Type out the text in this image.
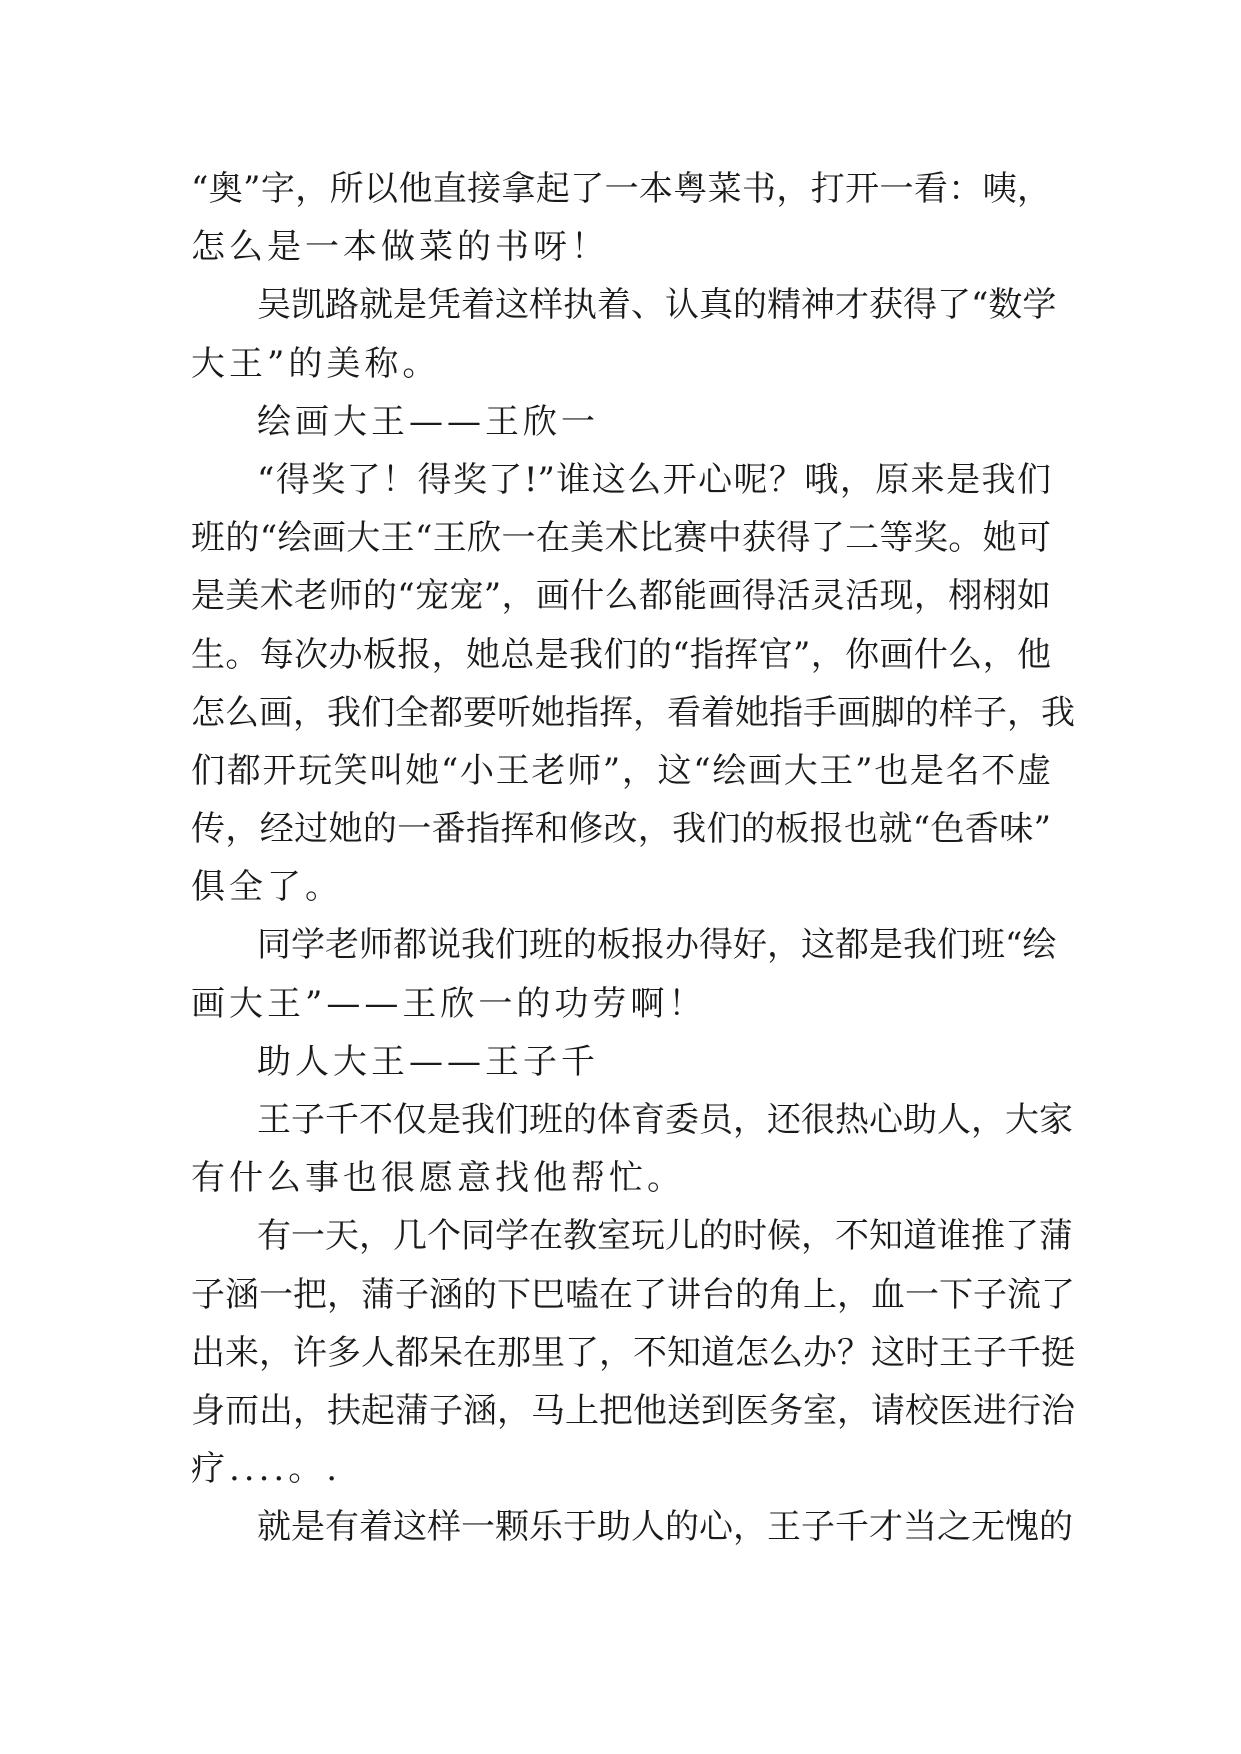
“奥”字，所以他直接拿起了一本粤菜书，打开一看：咦，
怎么是一本做菜的书呀！
吴凯路就是凭着这样执着、认真的精神才获得了“数学
大王”的美称。
绘画大王——王欣一
“得奖了！得奖了!”谁这么开心呢？哦，原来是我们
班的“绘画大王“王欣一在美术比赛中获得了二等奖。她可
是美术老师的“宠宠”，画什么都能画得活灵活现，栩栩如
生。每次办板报，她总是我们的“指挥官”，你画什么，他
怎么画，我们全都要听她指挥，看着她指手画脚的样子，我
们都开玩笑叫她“小王老师”，这“绘画大王”也是名不虚
传，经过她的一番指挥和修改，我们的板报也就“色香味”
俱全了。
同学老师都说我们班的板报办得好，这都是我们班“绘
画大王”——王欣一的功劳啊！
助人大王——王子千
王子千不仅是我们班的体育委员，还很热心助人，大家
有什么事也很愿意找他帮忙。
有一天，几个同学在教室玩儿的时候，不知道谁推了蒲
子涵一把，蒲子涵的下巴嗑在了讲台的角上，血一下子流了
出来，许多人都呆在那里了，不知道怎么办？这时王子千挺
身而出，扶起蒲子涵，马上把他送到医务室，请校医进行治
疗....。.
就是有着这样一颗乐于助人的心，王子千才当之无愧的
